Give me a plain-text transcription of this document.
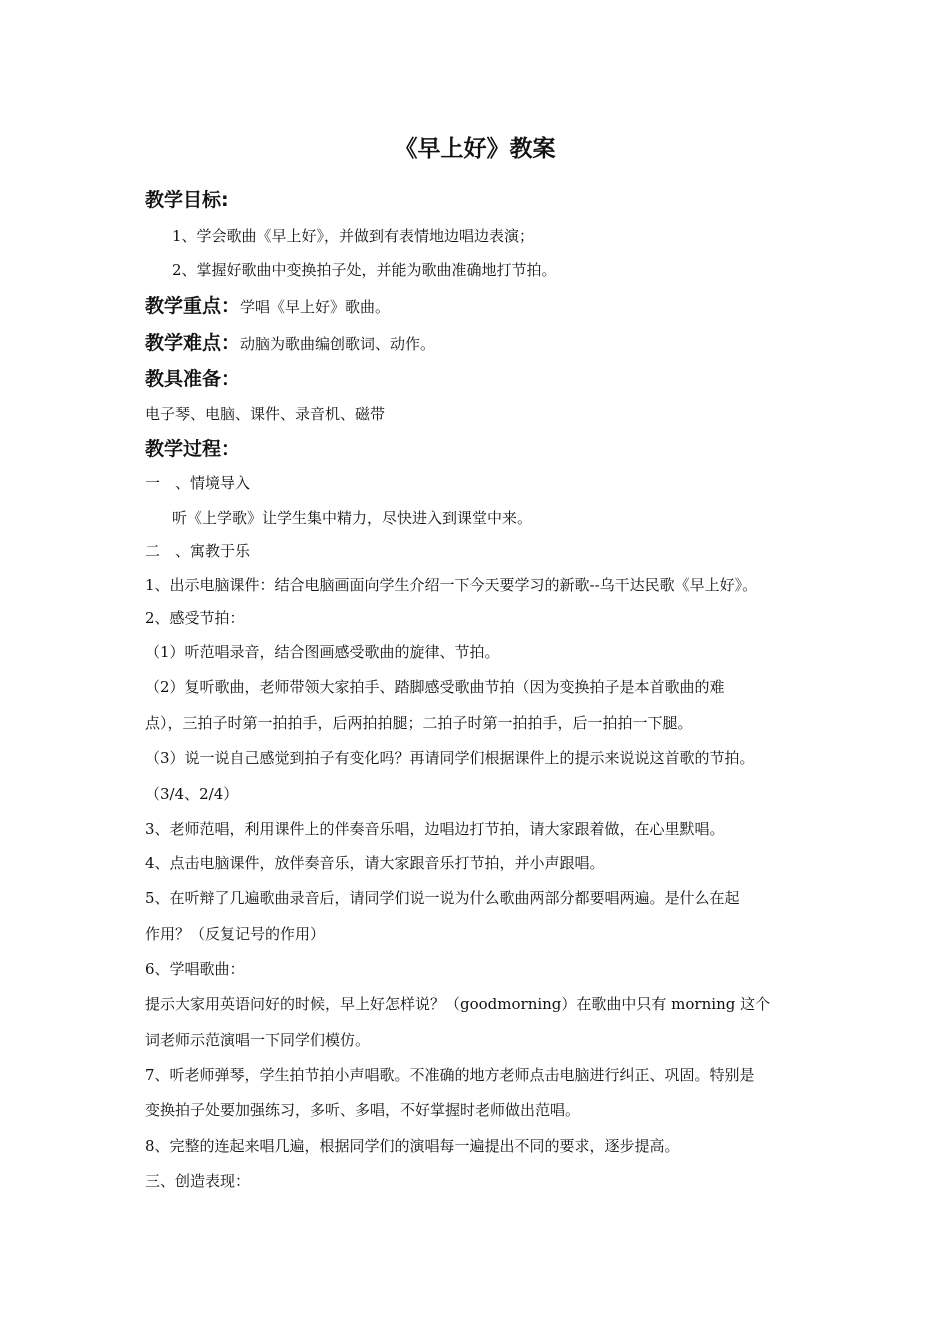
《早上好》教案
教学目标:
1、学会歌曲《早上好》，并做到有表情地边唱边表演；
2、掌握好歌曲中变换拍子处，并能为歌曲准确地打节拍。
教学重点：学唱《早上好》歌曲。
教学难点：动脑为歌曲编创歌词、动作。
教具准备：
电子琴、电脑、课件、录音机、磁带
教学过程：
一　、情境导入
听《上学歌》让学生集中精力，尽快进入到课堂中来。
二　、寓教于乐
1、出示电脑课件：结合电脑画面向学生介绍一下今天要学习的新歌--乌干达民歌《早上好》。
2、感受节拍：
（1）听范唱录音，结合图画感受歌曲的旋律、节拍。
（2）复听歌曲，老师带领大家拍手、踏脚感受歌曲节拍（因为变换拍子是本首歌曲的难
点），三拍子时第一拍拍手，后两拍拍腿；二拍子时第一拍拍手，后一拍拍一下腿。
（3）说一说自己感觉到拍子有变化吗？再请同学们根据课件上的提示来说说这首歌的节拍。
（3/4、2/4）
3、老师范唱，利用课件上的伴奏音乐唱，边唱边打节拍，请大家跟着做，在心里默唱。
4、点击电脑课件，放伴奏音乐，请大家跟音乐打节拍，并小声跟唱。
5、在听辩了几遍歌曲录音后，请同学们说一说为什么歌曲两部分都要唱两遍。是什么在起
作用？（反复记号的作用）
6、学唱歌曲：
提示大家用英语问好的时候，早上好怎样说？（goodmorning）在歌曲中只有 morning 这个
词老师示范演唱一下同学们模仿。
7、听老师弹琴，学生拍节拍小声唱歌。不准确的地方老师点击电脑进行纠正、巩固。特别是
变换拍子处要加强练习，多听、多唱，不好掌握时老师做出范唱。
8、完整的连起来唱几遍，根据同学们的演唱每一遍提出不同的要求，逐步提高。
三、创造表现：
